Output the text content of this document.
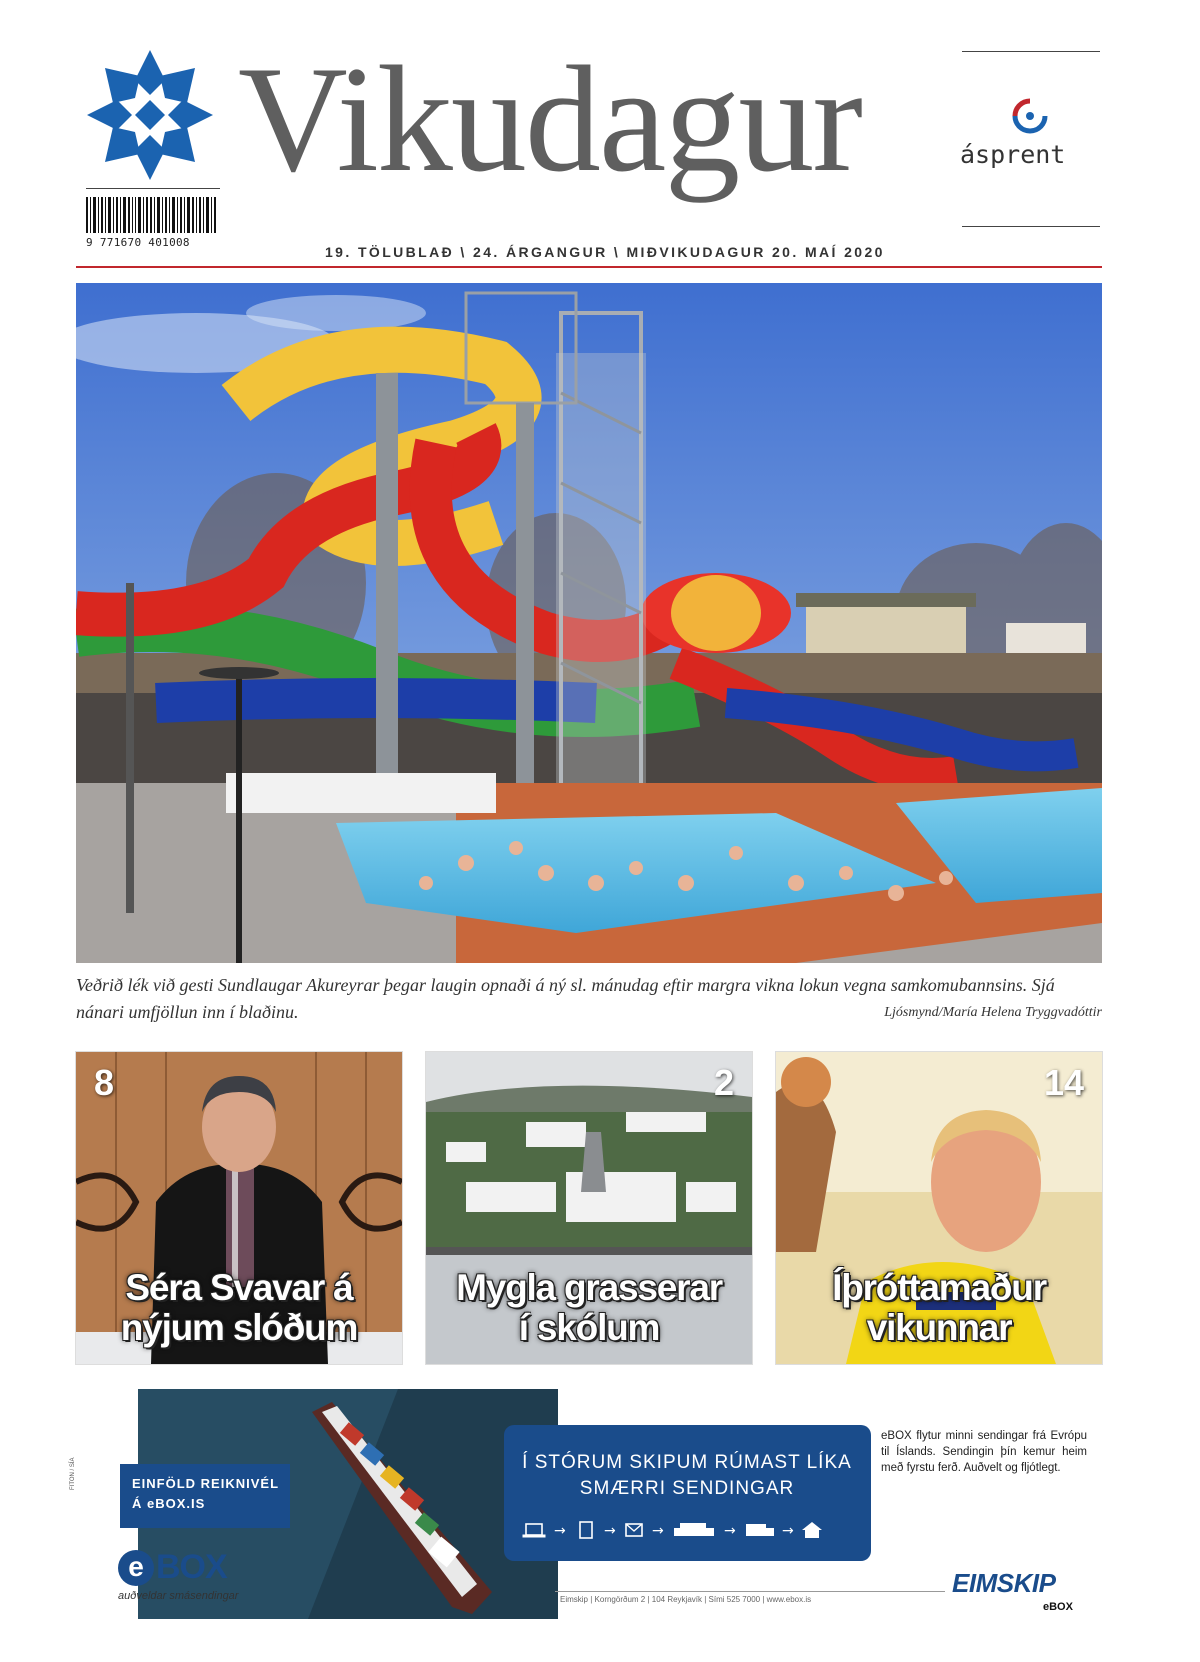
9 771670 401008
Vikudagur	ásprent
19. TÖLUBLAÐ \ 24. ÁRGANGUR \ MIÐVIKUDAGUR 20. MAÍ 2020
Veðrið lék við gesti Sundlaugar Akureyrar þegar laugin opnaði á ný sl. mánudag eftir margra vikna lokun vegna samkomubannsins. Sjá nánari umfjöllun inn í blaðinu.	Ljósmynd/María Helena Tryggvadóttir
8
Séra Svavar á
nýjum slóðum
2
Mygla grasserar
í skólum
14
Íþróttamaður
vikunnar
FITON / SÍA	EINFÖLD REIKNIVÉL
Á eBOX.IS
e BOX
auðveldar smásendingar
Í STÓRUM SKIPUM RÚMAST LÍKA
SMÆRRI SENDINGAR
→	→	→	→	→
eBOX flytur minni sendingar frá Evrópu til Íslands. Sendingin þín kemur heim með fyrstu ferð. Auðvelt og fljótlegt.
Eimskip | Korngörðum 2 | 104 Reykjavík | Sími 525 7000 | www.ebox.is
EIMSKIP
eBOX
